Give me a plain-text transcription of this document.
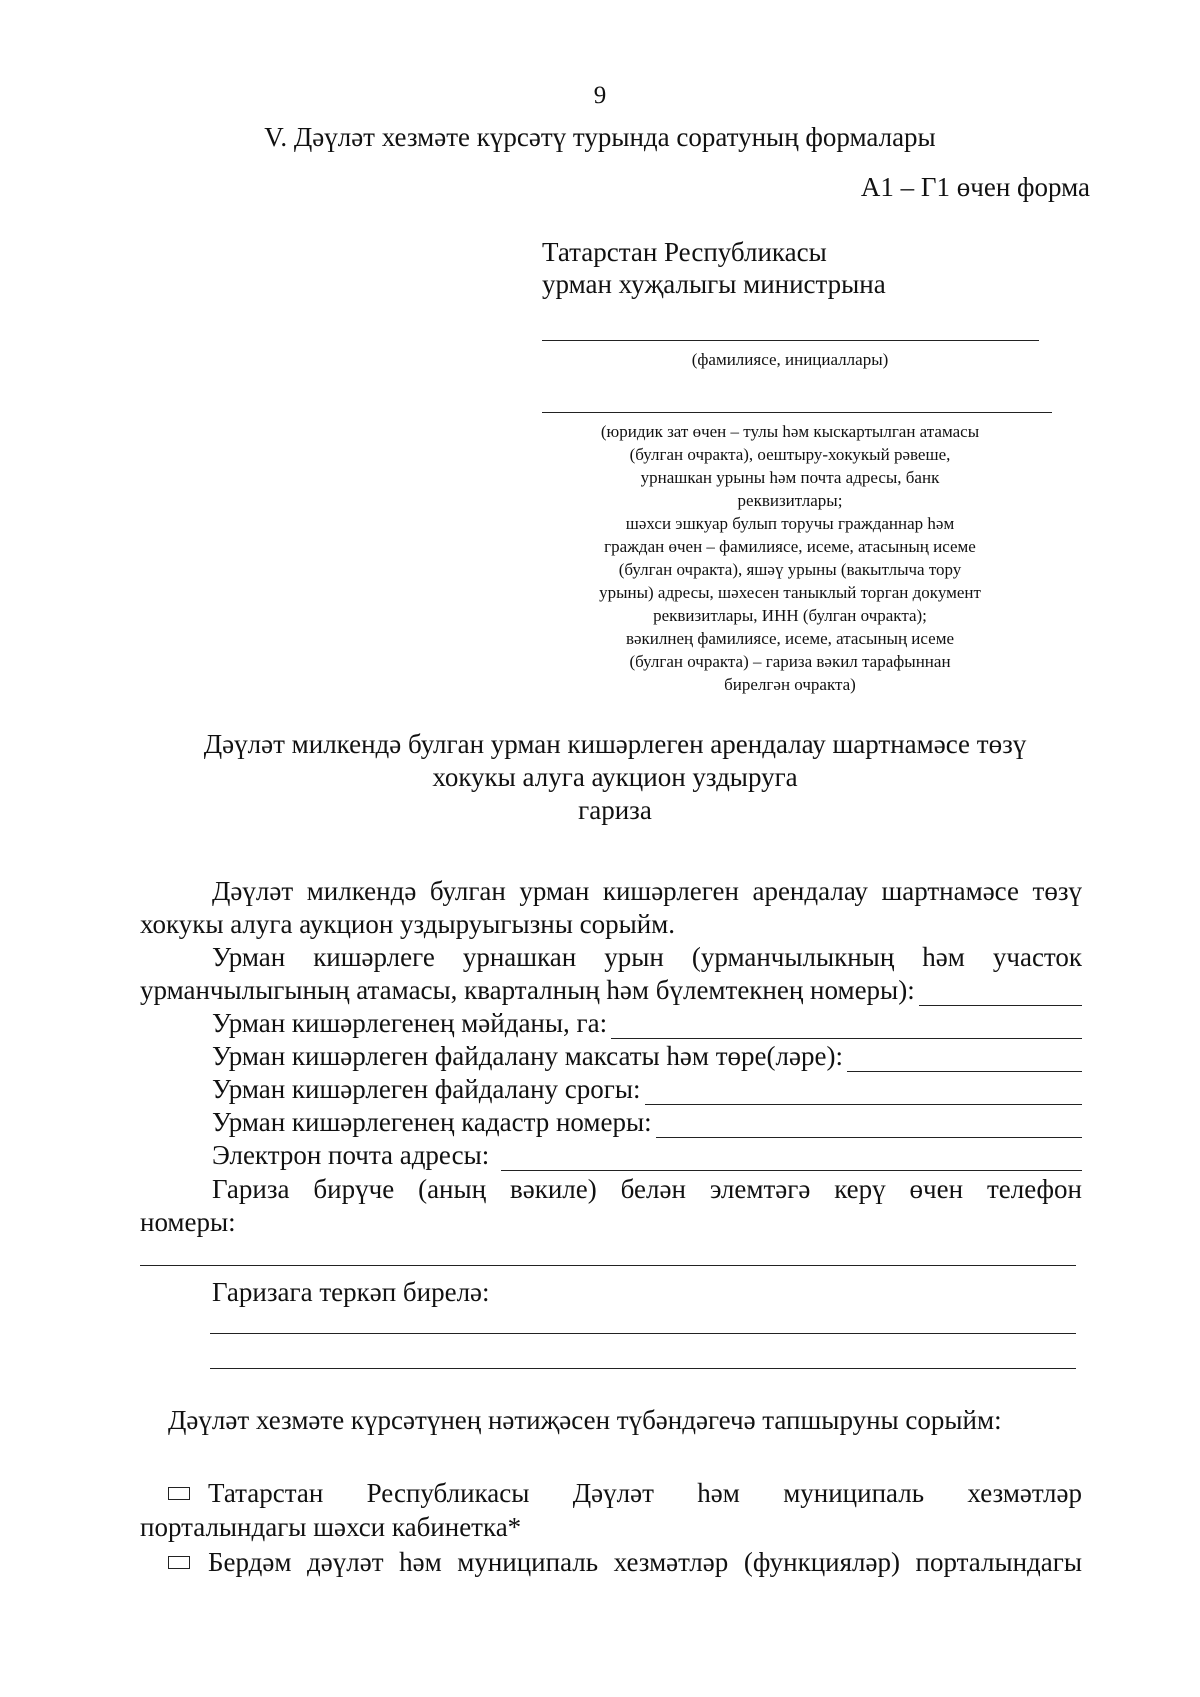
9
V. Дәүләт хезмәте күрсәтү турында соратуның формалары
А1 – Г1 өчен форма
Татарстан Республикасы
урман хуҗалыгы министрына
(фамилиясе, инициаллары)
(юридик зат өчен – тулы һәм кыскартылган атамасы
(булган очракта), оештыру-хокукый рәвеше,
урнашкан урыны һәм почта адресы, банк
реквизитлары;
шәхси эшкуар булып торучы гражданнар һәм
граждан өчен – фамилиясе, исеме, атасының исеме
(булган очракта), яшәү урыны (вакытлыча тору
урыны) адресы, шәхесен таныклый торган документ
реквизитлары, ИНН (булган очракта);
вәкилнең фамилиясе, исеме, атасының исеме
(булган очракта) – гариза вәкил тарафыннан
бирелгән очракта)
Дәүләт милкендә булган урман кишәрлеген арендалау шартнамәсе төзү
хокукы алуга аукцион уздыруга
гариза
Дәүләт милкендә булган урман кишәрлеген арендалау шартнамәсе төзү
хокукы алуга аукцион уздыруыгызны сорыйм.
Урман кишәрлеге урнашкан урын (урманчылыкның һәм участок
урманчылыгының атамасы, кварталның һәм бүлемтекнең номеры):
Урман кишәрлегенең мәйданы, га:
Урман кишәрлеген файдалану максаты һәм төре(ләре):
Урман кишәрлеген файдалану срогы:
Урман кишәрлегенең кадастр номеры:
Электрон почта адресы:
Гариза бирүче (аның вәкиле) белән элемтәгә керү өчен телефон
номеры:
Гаризага теркәп бирелә:
Дәүләт хезмәте күрсәтүнең нәтиҗәсен түбәндәгечә тапшыруны сорыйм:
Татарстан Республикасы Дәүләт һәм муниципаль хезмәтләр
порталындагы шәхси кабинетка*
Бердәм дәүләт һәм муниципаль хезмәтләр (функцияләр) порталындагы
